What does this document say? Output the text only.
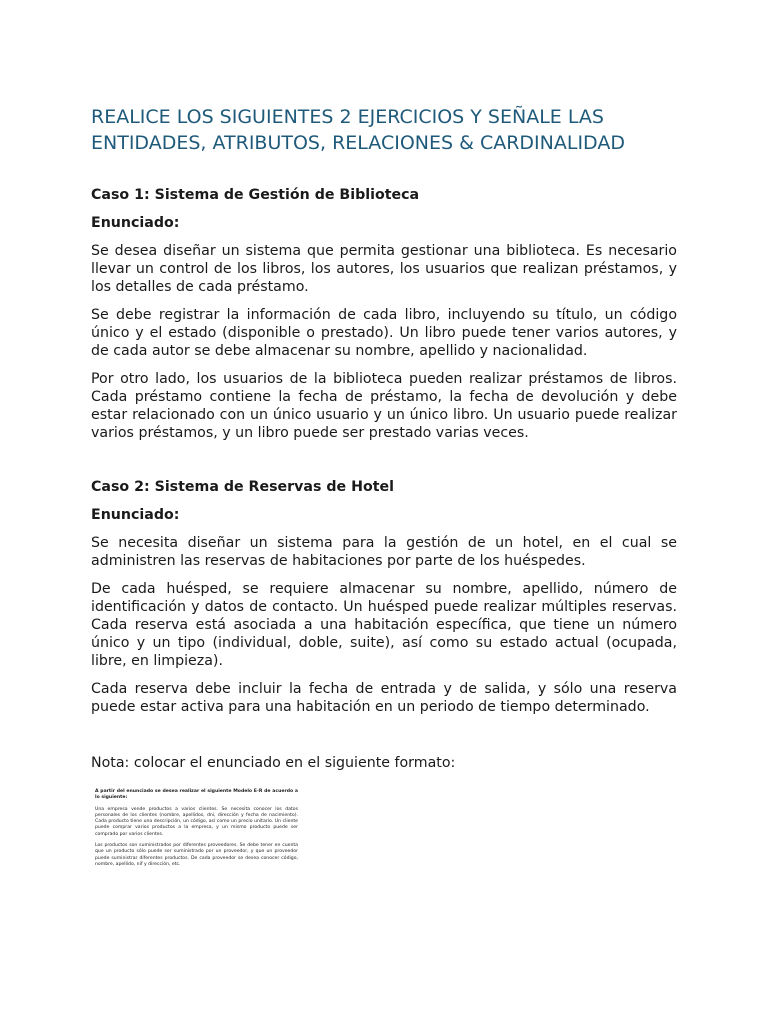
REALICE LOS SIGUIENTES 2 EJERCICIOS Y SEÑALE LAS ENTIDADES, ATRIBUTOS, RELACIONES & CARDINALIDAD
Caso 1: Sistema de Gestión de Biblioteca
Enunciado:

Se desea diseñar un sistema que permita gestionar una biblioteca. Es necesario llevar un control de los libros, los autores, los usuarios que realizan préstamos, y los detalles de cada préstamo.

Se debe registrar la información de cada libro, incluyendo su título, un código único y el estado (disponible o prestado). Un libro puede tener varios autores, y de cada autor se debe almacenar su nombre, apellido y nacionalidad.

Por otro lado, los usuarios de la biblioteca pueden realizar préstamos de libros. Cada préstamo contiene la fecha de préstamo, la fecha de devolución y debe estar relacionado con un único usuario y un único libro. Un usuario puede realizar varios préstamos, y un libro puede ser prestado varias veces.

Caso 2: Sistema de Reservas de Hotel
Enunciado:

Se necesita diseñar un sistema para la gestión de un hotel, en el cual se administren las reservas de habitaciones por parte de los huéspedes.

De cada huésped, se requiere almacenar su nombre, apellido, número de identificación y datos de contacto. Un huésped puede realizar múltiples reservas. Cada reserva está asociada a una habitación específica, que tiene un número único y un tipo (individual, doble, suite), así como su estado actual (ocupada, libre, en limpieza).

Cada reserva debe incluir la fecha de entrada y de salida, y sólo una reserva puede estar activa para una habitación en un periodo de tiempo determinado.

Nota: colocar el enunciado en el siguiente formato:

A partir del enunciado se desea realizar el siguiente Modelo E-R de acuerdo a lo siguiente:

Una empresa vende productos a varios clientes. Se necesita conocer los datos personales de los clientes (nombre, apellidos, dni, dirección y fecha de nacimiento). Cada producto tiene una descripción, un código, así como un precio unitario. Un cliente puede comprar varios productos a la empresa, y un mismo producto puede ser comprado por varios clientes.

Los productos son suministrados por diferentes proveedores. Se debe tener en cuenta que un producto sólo puede ser suministrado por un proveedor, y que un proveedor puede suministrar diferentes productos. De cada proveedor se desea conocer código, nombre, apellido, nif y dirección, etc.
